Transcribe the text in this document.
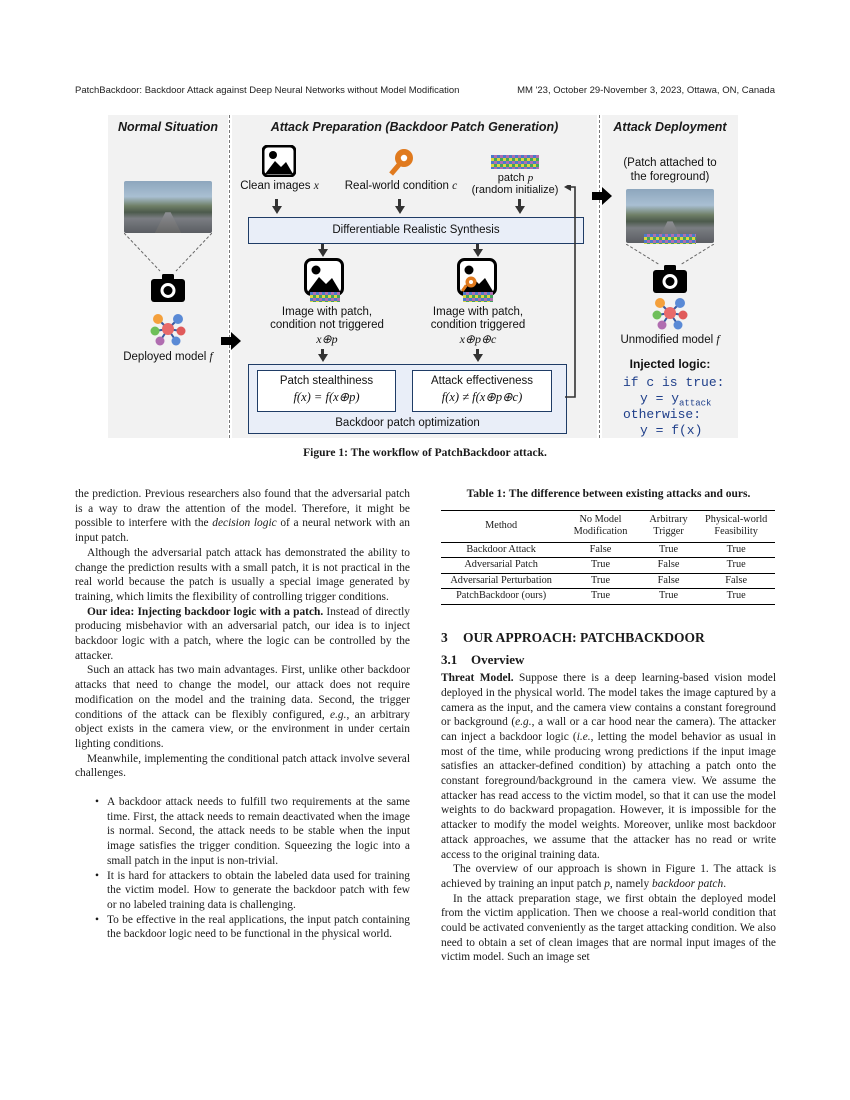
PatchBackdoor: Backdoor Attack against Deep Neural Networks without Model Modification	MM '23, October 29-November 3, 2023, Ottawa, ON, Canada
Normal Situation	Attack Preparation (Backdoor Patch Generation)	Attack Deployment
Deployed model f
Clean images x	Real-world condition c
patch p
(random initialize)
Differentiable Realistic Synthesis
Image with patch,
condition not triggered
x⊕p
Image with patch,
condition triggered
x⊕p⊕c
Backdoor patch optimization
Patch stealthiness
f(x) = f(x⊕p)
Attack effectiveness
f(x) ≠ f(x⊕p⊕c)
(Patch attached to
the foreground)
Unmodified model f
Injected logic:
if c is true:
$y = y_{attack}$
otherwise:
y = f(x)
Figure 1: The workflow of PatchBackdoor attack.

the prediction. Previous researchers also found that the adversarial patch is a way to draw the attention of the model. Therefore, it might be possible to interfere with the decision logic of a neural network with an input patch.

Although the adversarial patch attack has demonstrated the ability to change the prediction results with a small patch, it is not practical in the real world because the patch is usually a special image generated by training, which limits the flexibility of controlling trigger conditions.

Our idea: Injecting backdoor logic with a patch. Instead of directly producing misbehavior with an adversarial patch, our idea is to inject backdoor logic with a patch, where the logic can be controlled by the attacker.

Such an attack has two main advantages. First, unlike other backdoor attacks that need to change the model, our attack does not require modification on the model and the training data. Second, the trigger conditions of the attack can be flexibly configured, e.g., an arbitrary object exists in the camera view, or the environment in under certain lighting conditions.

Meanwhile, implementing the conditional patch attack involve several challenges.

• A backdoor attack needs to fulfill two requirements at the same time. First, the attack needs to remain deactivated when the image is normal. Second, the attack needs to be stable when the input image satisfies the trigger condition. Squeezing the logic into a small patch in the input is non-trivial.
• It is hard for attackers to obtain the labeled data used for training the victim model. How to generate the backdoor patch with few or no labeled training data is challenging.
• To be effective in the real applications, the input patch containing the backdoor logic need to be functional in the physical world.
Table 1: The difference between existing attacks and ours.
Method	No Model Modification	Arbitrary Trigger	Physical-world Feasibility
Backdoor Attack	False	True	True
Adversarial Patch	True	False	True
Adversarial Perturbation	True	False	False
PatchBackdoor (ours)	True	True	True
3 OUR APPROACH: PATCHBACKDOOR
3.1 Overview

Threat Model. Suppose there is a deep learning-based vision model deployed in the physical world. The model takes the image captured by a camera as the input, and the camera view contains a constant foreground or background (e.g., a wall or a car hood near the camera). The attacker can inject a backdoor logic (i.e., letting the model behavior as usual in most of the time, while producing wrong predictions if the input image satisfies an attacker-defined condition) by attaching a patch onto the constant foreground/background in the camera view. We assume the attacker has read access to the victim model, so that it can use the model weights to do backward propagation. However, it is impossible for the attacker to modify the model weights. Moreover, unlike most backdoor attack approaches, we assume that the attacker has no read or write access to the original training data.

The overview of our approach is shown in Figure 1. The attack is achieved by training an input patch p, namely backdoor patch.

In the attack preparation stage, we first obtain the deployed model from the victim application. Then we choose a real-world condition that could be activated conveniently as the target attacking condition. We also need to obtain a set of clean images that are normal input images of the victim model. Such an image set
